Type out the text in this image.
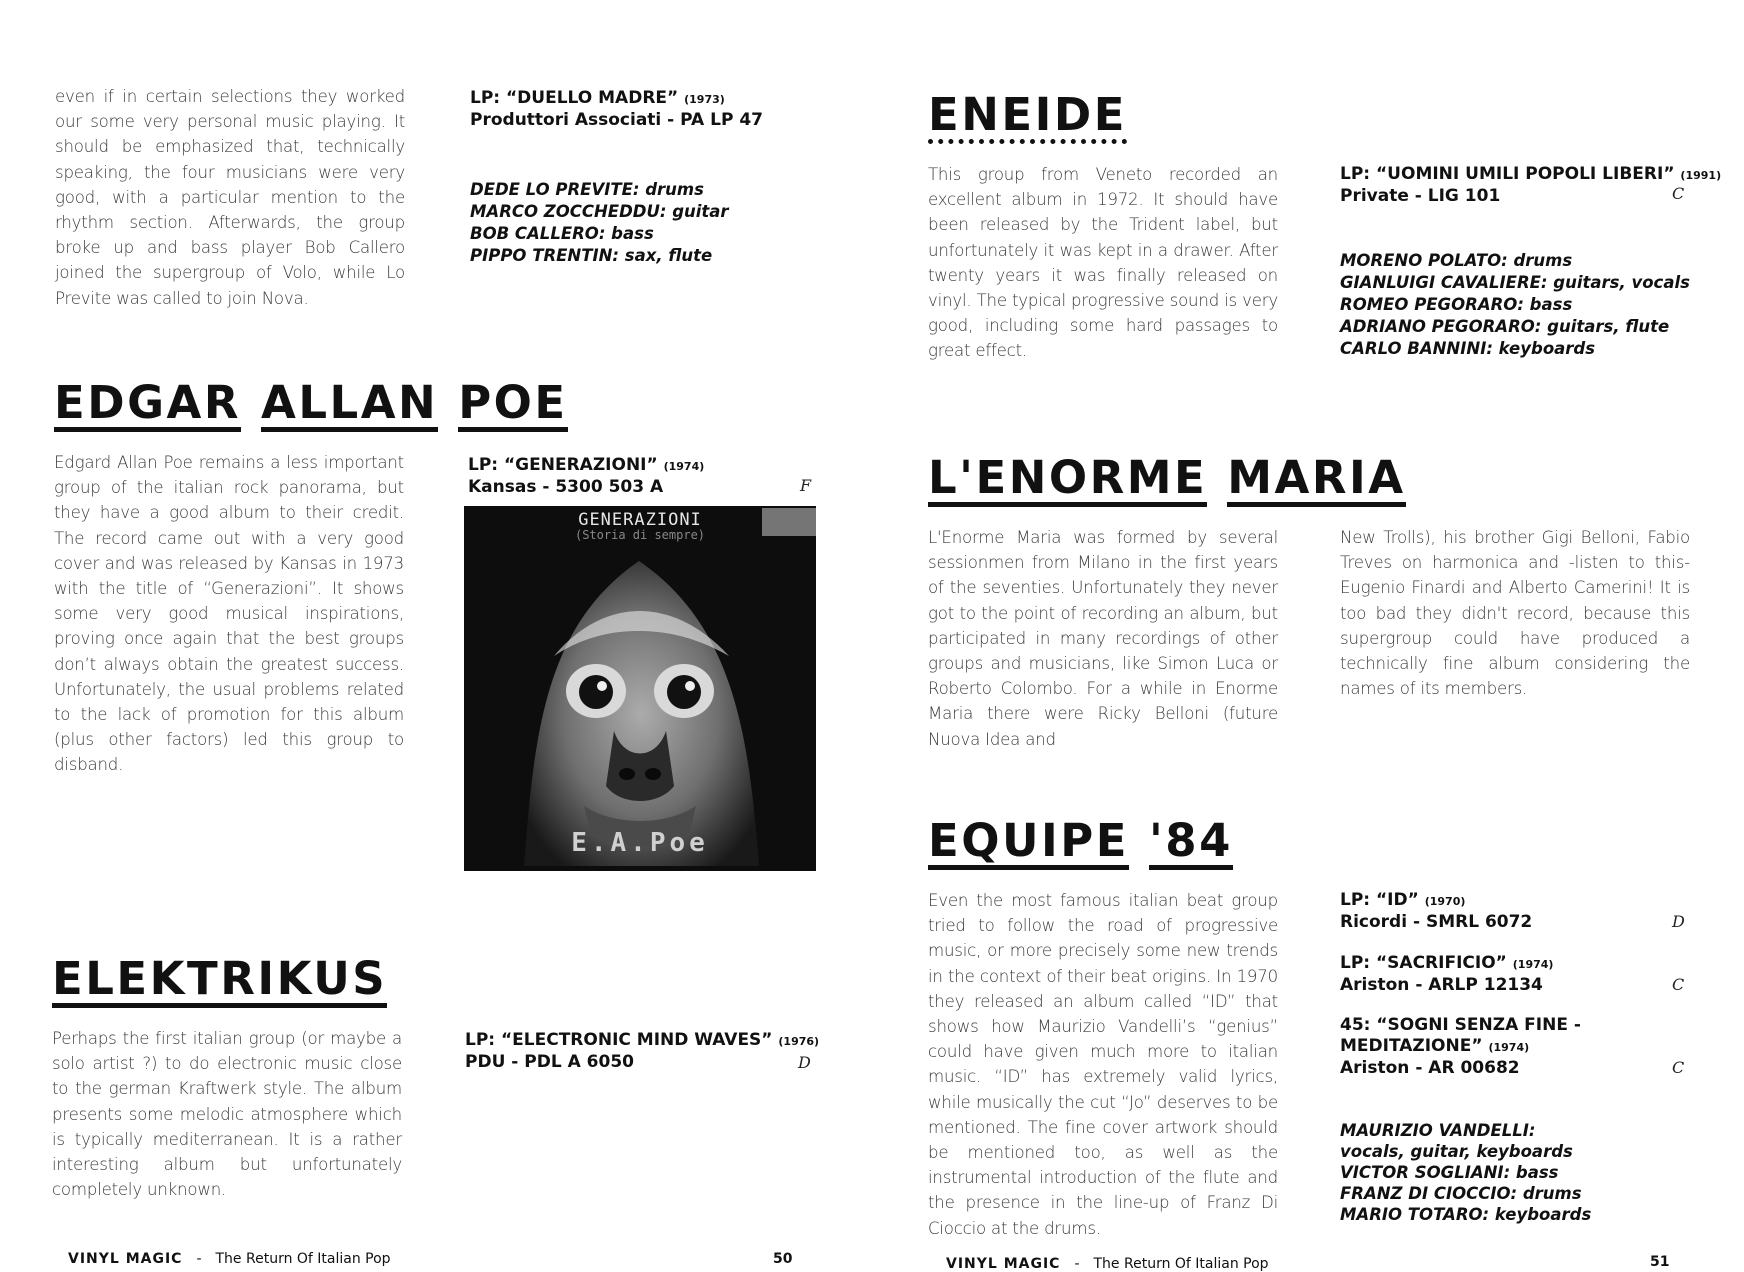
even if in certain selections they worked our some very personal music playing. It should be emphasized that, technically speaking, the four musicians were very good, with a particular mention to the rhythm section. Afterwards, the group broke up and bass player Bob Callero joined the supergroup of Volo, while Lo Previte was called to join Nova.
LP: “DUELLO MADRE” (1973)
Produttori Associati - PA LP 47
DEDE LO PREVITE: drums
MARCO ZOCCHEDDU: guitar
BOB CALLERO: bass
PIPPO TRENTIN: sax, flute
EDGAR ALLAN POE
Edgard Allan Poe remains a less important group of the italian rock panorama, but they have a good album to their credit. The record came out with a very good cover and was released by Kansas in 1973 with the title of “Generazioni”. It shows some very good musical inspirations, proving once again that the best groups don’t always obtain the greatest success. Unfortunately, the usual problems related to the lack of promotion for this album (plus other factors) led this group to disband.
LP: “GENERAZIONI” (1974)
Kansas - 5300 503 A	F
GENERAZIONI
(Storia di sempre)
E.A.Poe
ELEKTRIKUS
Perhaps the first italian group (or maybe a solo artist ?) to do electronic music close to the german Kraftwerk style. The album presents some melodic atmosphere which is typically mediterranean. It is a rather interesting album but unfortunately completely unknown.
LP: “ELECTRONIC MIND WAVES” (1976)
PDU - PDL A 6050	D
VINYL MAGIC - The Return Of Italian Pop	50
ENEIDE
This group from Veneto recorded an excellent album in 1972. It should have been released by the Trident label, but unfortunately it was kept in a drawer. After twenty years it was finally released on vinyl. The typical progressive sound is very good, including some hard passages to great effect.
LP: “UOMINI UMILI POPOLI LIBERI” (1991)
Private - LIG 101	C
MORENO POLATO: drums
GIANLUIGI CAVALIERE: guitars, vocals
ROMEO PEGORARO: bass
ADRIANO PEGORARO: guitars, flute
CARLO BANNINI: keyboards
L'ENORME MARIA
L'Enorme Maria was formed by several sessionmen from Milano in the first years of the seventies. Unfortunately they never got to the point of recording an album, but participated in many recordings of other groups and musicians, like Simon Luca or Roberto Colombo. For a while in Enorme Maria there were Ricky Belloni (future Nuova Idea and
New Trolls), his brother Gigi Belloni, Fabio Treves on harmonica and -listen to this- Eugenio Finardi and Alberto Camerini! It is too bad they didn't record, because this supergroup could have produced a technically fine album considering the names of its members.
EQUIPE '84
Even the most famous italian beat group tried to follow the road of progressive music, or more precisely some new trends in the context of their beat origins. In 1970 they released an album called “ID” that shows how Maurizio Vandelli’s “genius” could have given much more to italian music. “ID” has extremely valid lyrics, while musically the cut “Jo” deserves to be mentioned. The fine cover artwork should be mentioned too, as well as the instrumental introduction of the flute and the presence in the line-up of Franz Di Cioccio at the drums.
LP: “ID” (1970)
Ricordi - SMRL 6072	D
LP: “SACRIFICIO” (1974)
Ariston - ARLP 12134	C
45: “SOGNI SENZA FINE -
MEDITAZIONE” (1974)
Ariston - AR 00682	C
MAURIZIO VANDELLI:
vocals, guitar, keyboards
VICTOR SOGLIANI: bass
FRANZ DI CIOCCIO: drums
MARIO TOTARO: keyboards
VINYL MAGIC - The Return Of Italian Pop	51
